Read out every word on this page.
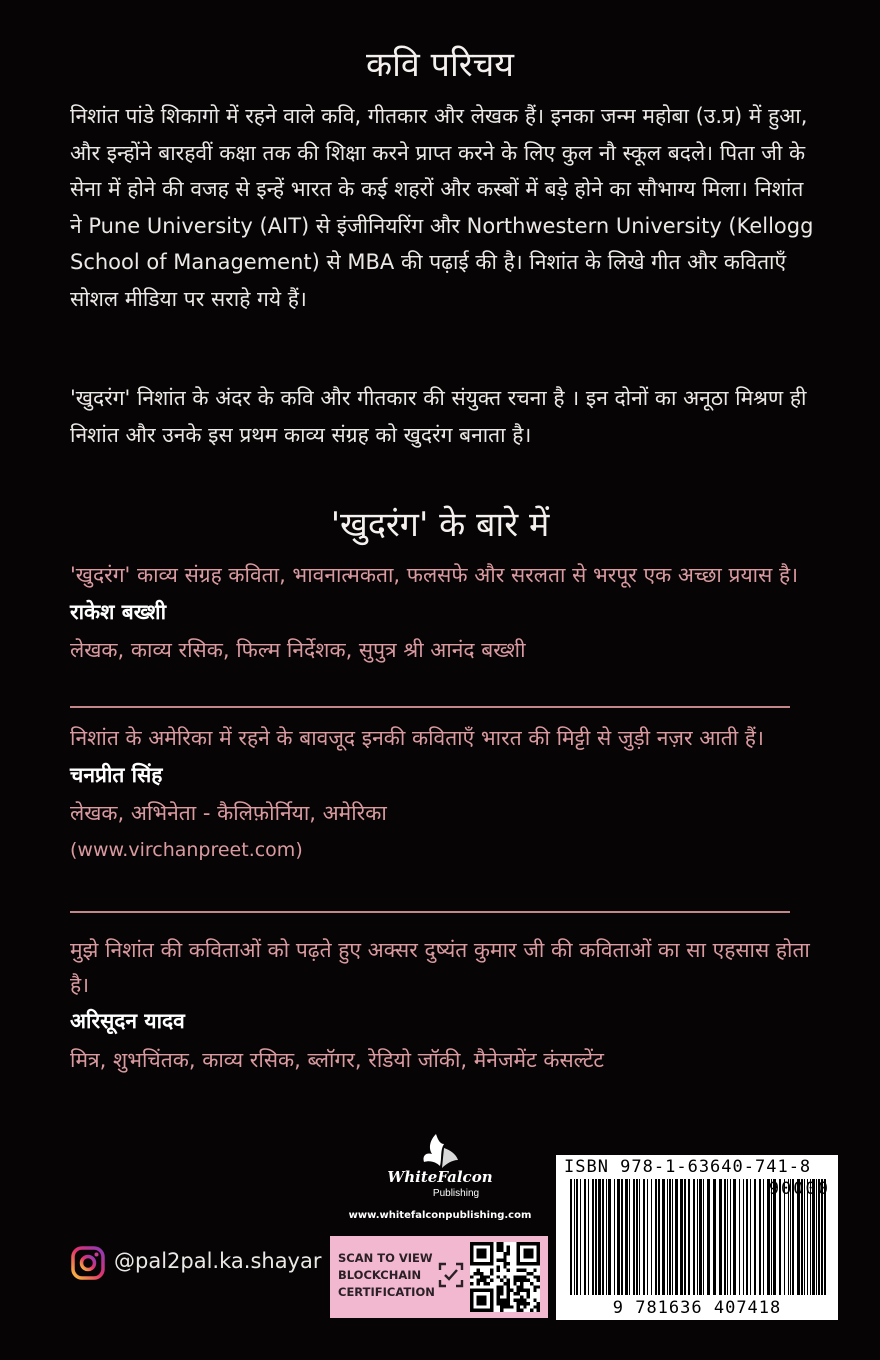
कवि परिचय

निशांत पांडे शिकागो में रहने वाले कवि, गीतकार और लेखक हैं। इनका जन्म महोबा (उ.प्र) में हुआ, और इन्होंने बारहवीं कक्षा तक की शिक्षा करने प्राप्त करने के लिए कुल नौ स्कूल बदले। पिता जी के सेना में होने की वजह से इन्हें भारत के कई शहरों और कस्बों में बड़े होने का सौभाग्य मिला। निशांत ने Pune University (AIT) से इंजीनियरिंग और Northwestern University (Kellogg School of Management) से MBA की पढ़ाई की है। निशांत के लिखे गीत और कविताएँ सोशल मीडिया पर सराहे गये हैं।

'खुदरंग' निशांत के अंदर के कवि और गीतकार की संयुक्त रचना है । इन दोनों का अनूठा मिश्रण ही निशांत और उनके इस प्रथम काव्य संग्रह को खुदरंग बनाता है।

'खुदरंग' के बारे में

'खुदरंग' काव्य संग्रह कविता, भावनात्मकता, फलसफे और सरलता से भरपूर एक अच्छा प्रयास है।

राकेश बख्शी

लेखक, काव्य रसिक, फिल्म निर्देशक, सुपुत्र श्री आनंद बख्शी

निशांत के अमेरिका में रहने के बावजूद इनकी कविताएँ भारत की मिट्टी से जुड़ी नज़र आती हैं।

चनप्रीत सिंह

लेखक, अभिनेता - कैलिफ़ोर्निया, अमेरिका

(www.virchanpreet.com)

मुझे निशांत की कविताओं को पढ़ते हुए अक्सर दुष्यंत कुमार जी की कविताओं का सा एहसास होता है।

अरिसूदन यादव

मित्र, शुभचिंतक, काव्य रसिक, ब्लॉगर, रेडियो जॉकी, मैनेजमेंट कंसल्टेंट

WhiteFalcon
Publishing
www.whitefalconpublishing.com
@pal2pal.ka.shayar SCAN TO VIEW BLOCKCHAIN CERTIFICATION
ISBN 978-1-63640-741-8
90000
9 781636 407418
